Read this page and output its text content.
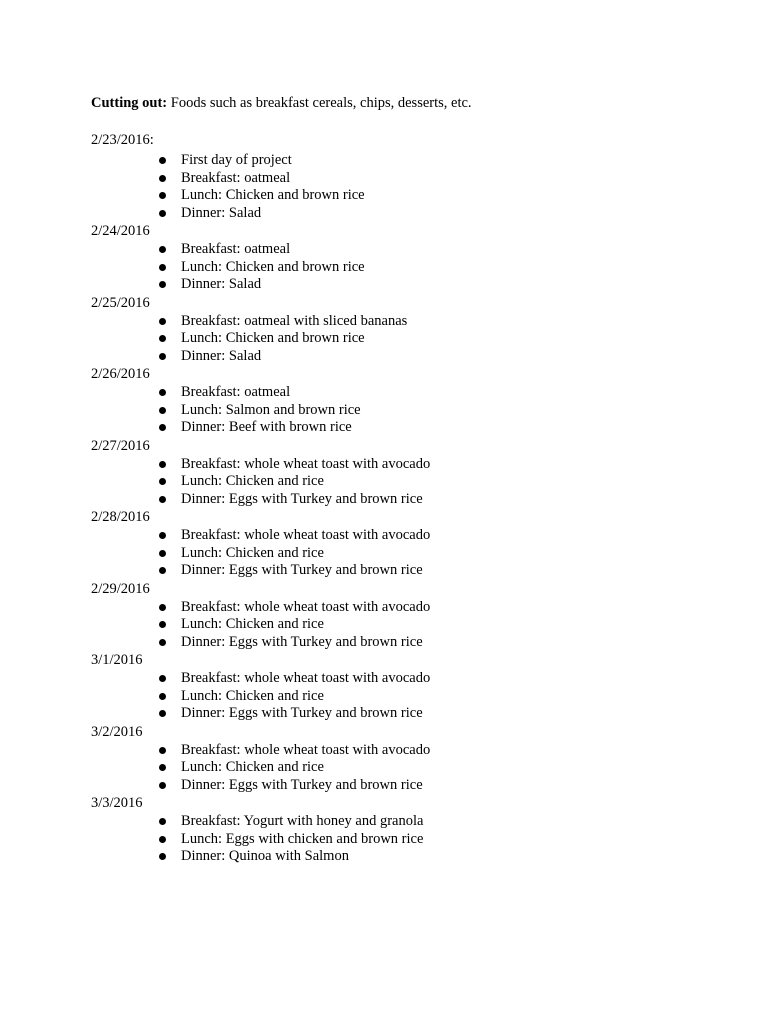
Cutting out: Foods such as breakfast cereals, chips, desserts, etc.
2/23/2016:
First day of project
Breakfast: oatmeal
Lunch: Chicken and brown rice
Dinner: Salad
2/24/2016
Breakfast: oatmeal
Lunch: Chicken and brown rice
Dinner: Salad
2/25/2016
Breakfast: oatmeal with sliced bananas
Lunch: Chicken and brown rice
Dinner: Salad
2/26/2016
Breakfast: oatmeal
Lunch: Salmon and brown rice
Dinner: Beef with brown rice
2/27/2016
Breakfast: whole wheat toast with avocado
Lunch: Chicken and rice
Dinner: Eggs with Turkey and brown rice
2/28/2016
Breakfast: whole wheat toast with avocado
Lunch: Chicken and rice
Dinner: Eggs with Turkey and brown rice
2/29/2016
Breakfast: whole wheat toast with avocado
Lunch: Chicken and rice
Dinner: Eggs with Turkey and brown rice
3/1/2016
Breakfast: whole wheat toast with avocado
Lunch: Chicken and rice
Dinner: Eggs with Turkey and brown rice
3/2/2016
Breakfast: whole wheat toast with avocado
Lunch: Chicken and rice
Dinner: Eggs with Turkey and brown rice
3/3/2016
Breakfast: Yogurt with honey and granola
Lunch: Eggs with chicken and brown rice
Dinner: Quinoa with Salmon
